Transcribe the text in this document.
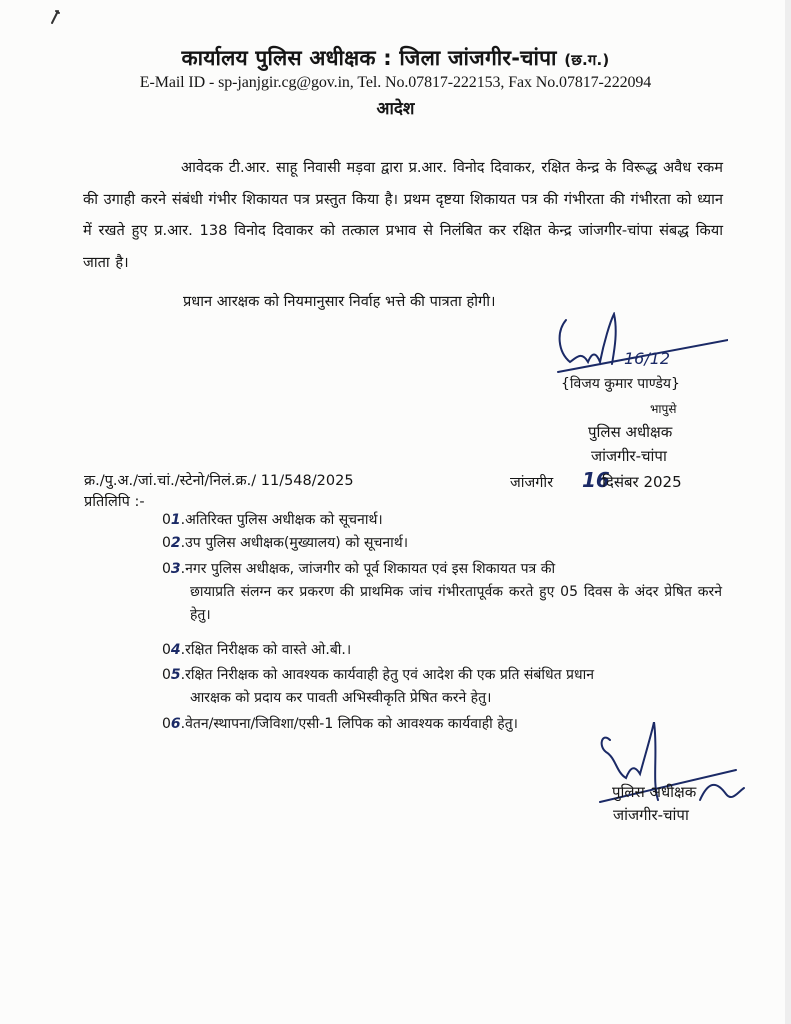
कार्यालय पुलिस अधीक्षक : जिला जांजगीर-चांपा (छ.ग.)
E-Mail ID - sp-janjgir.cg@gov.in, Tel. No.07817-222153, Fax No.07817-222094
आदेश
आवेदक टी.आर. साहू निवासी मड़वा द्वारा प्र.आर. विनोद दिवाकर, रक्षित केन्द्र के विरूद्ध अवैध रकम की उगाही करने संबंधी गंभीर शिकायत पत्र प्रस्तुत किया है। प्रथम दृष्टया शिकायत पत्र की गंभीरता की गंभीरता को ध्यान में रखते हुए प्र.आर. 138 विनोद दिवाकर को तत्काल प्रभाव से निलंबित कर रक्षित केन्द्र जांजगीर-चांपा संबद्ध किया जाता है।
प्रधान आरक्षक को नियमानुसार निर्वाह भत्ते की पात्रता होगी।
16/12
{विजय कुमार पाण्डेय}
भापुसे
पुलिस अधीक्षक
जांजगीर-चांपा
क्र./पु.अ./जां.चां./स्टेनो/निलं.क्र./ 11/548/2025	जांजगीर 16
दिसंबर 2025
प्रतिलिपि :-
01.अतिरिक्त पुलिस अधीक्षक को सूचनार्थ।
02.उप पुलिस अधीक्षक(मुख्यालय) को सूचनार्थ।
03.नगर पुलिस अधीक्षक, जांजगीर को पूर्व शिकायत एवं इस शिकायत पत्र की
छायाप्रति संलग्न कर प्रकरण की प्राथमिक जांच गंभीरतापूर्वक करते हुए 05 दिवस के अंदर प्रेषित करने हेतु।
04.रक्षित निरीक्षक को वास्ते ओ.बी.।
05.रक्षित निरीक्षक को आवश्यक कार्यवाही हेतु एवं आदेश की एक प्रति संबंधित प्रधान
आरक्षक को प्रदाय कर पावती अभिस्वीकृति प्रेषित करने हेतु।
06.वेतन/स्थापना/जिविशा/एसी-1 लिपिक को आवश्यक कार्यवाही हेतु।
पुलिस अधीक्षक
जांजगीर-चांपा
